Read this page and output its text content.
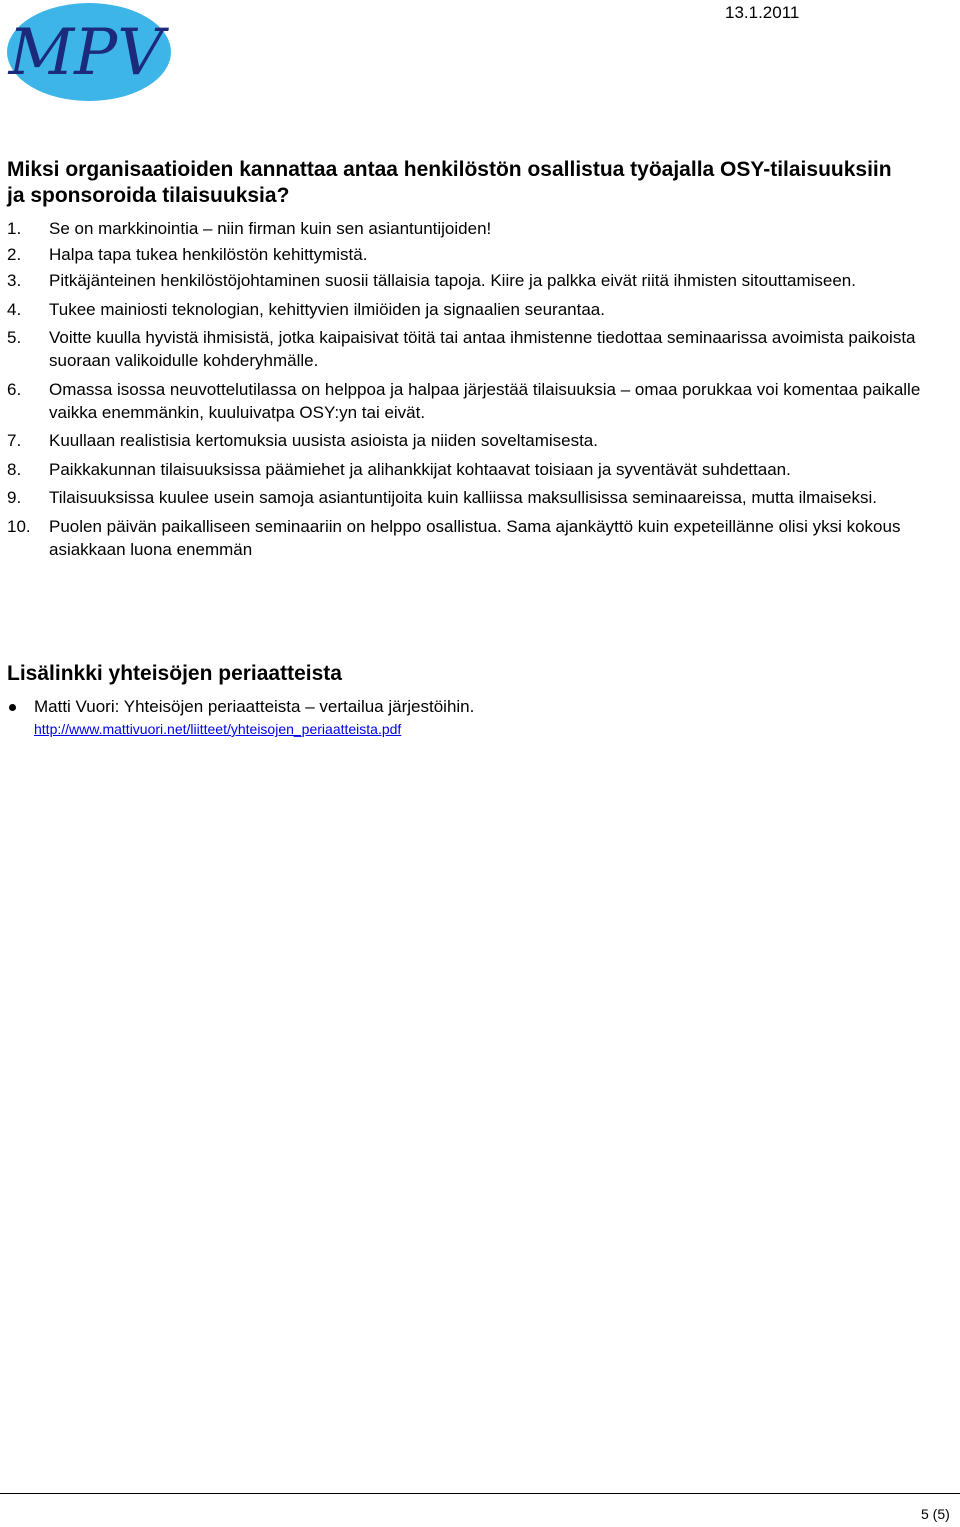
MPV
13.1.2011
Miksi organisaatioiden kannattaa antaa henkilöstön osallistua työajalla OSY-tilaisuuksiin ja sponsoroida tilaisuuksia?
1. Se on markkinointia – niin firman kuin sen asiantuntijoiden!
2. Halpa tapa tukea henkilöstön kehittymistä.
3. Pitkäjänteinen henkilöstöjohtaminen suosii tällaisia tapoja. Kiire ja palkka eivät riitä ihmisten sitouttamiseen.
4. Tukee mainiosti teknologian, kehittyvien ilmiöiden ja signaalien seurantaa.
5. Voitte kuulla hyvistä ihmisistä, jotka kaipaisivat töitä tai antaa ihmistenne tiedottaa seminaarissa avoimista paikoista suoraan valikoidulle kohderyhmälle.
6. Omassa isossa neuvottelutilassa on helppoa ja halpaa järjestää tilaisuuksia – omaa porukkaa voi komentaa paikalle vaikka enemmänkin, kuuluivatpa OSY:yn tai eivät.
7. Kuullaan realistisia kertomuksia uusista asioista ja niiden soveltamisesta.
8. Paikkakunnan tilaisuuksissa päämiehet ja alihankkijat kohtaavat toisiaan ja syventävät suhdettaan.
9. Tilaisuuksissa kuulee usein samoja asiantuntijoita kuin kalliissa maksullisissa seminaareissa, mutta ilmaiseksi.
10. Puolen päivän paikalliseen seminaariin on helppo osallistua. Sama ajankäyttö kuin expeteillänne olisi yksi kokous asiakkaan luona enemmän
Lisälinkki yhteisöjen periaatteista
Matti Vuori: Yhteisöjen periaatteista – vertailua järjestöihin.
http://www.mattivuori.net/liitteet/yhteisojen_periaatteista.pdf
5 (5)
